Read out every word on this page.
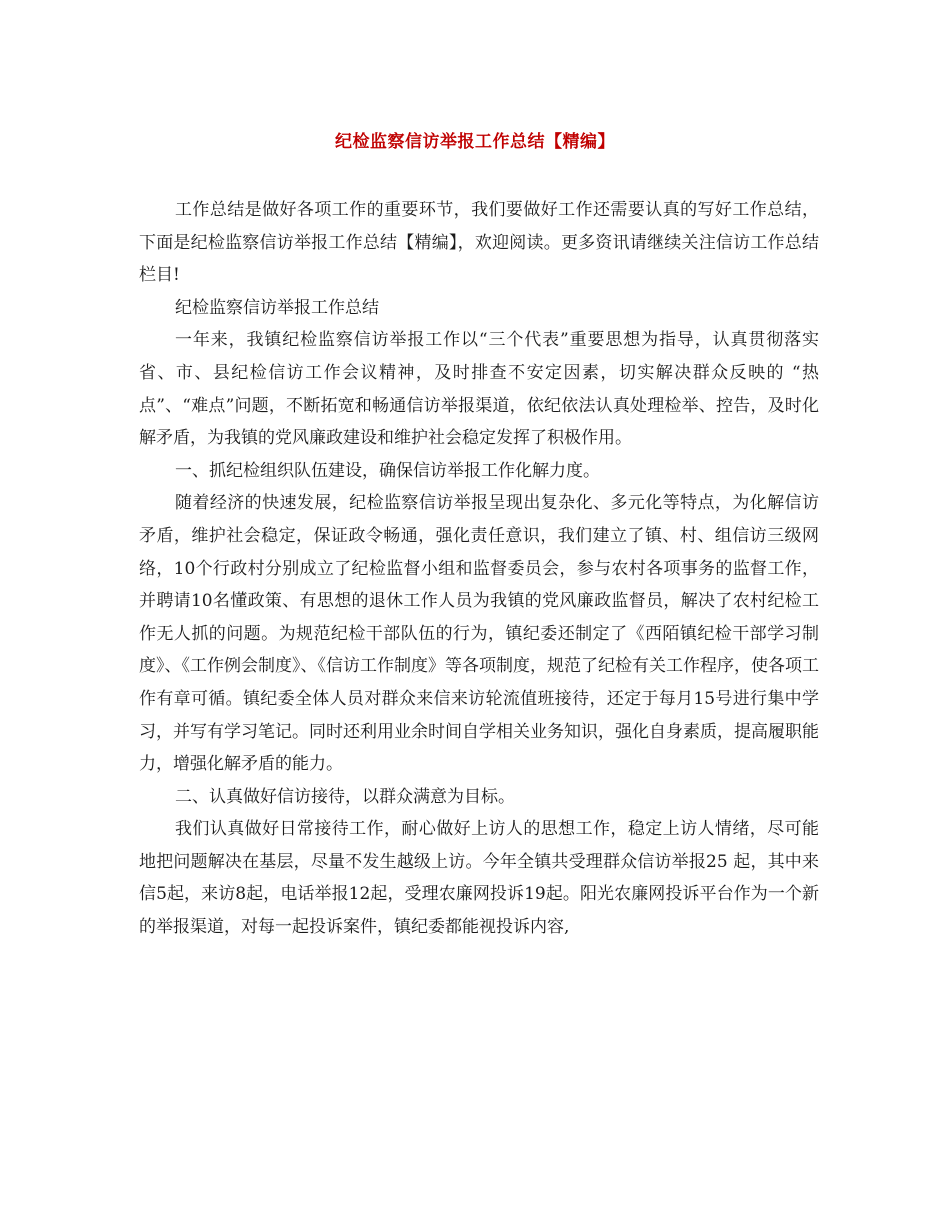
纪检监察信访举报工作总结【精编】

工作总结是做好各项工作的重要环节，我们要做好工作还需要认真的写好工作总结，下面是纪检监察信访举报工作总结【精编】，欢迎阅读。更多资讯请继续关注信访工作总结栏目!

纪检监察信访举报工作总结

一年来，我镇纪检监察信访举报工作以“三个代表”重要思想为指导，认真贯彻落实省、市、县纪检信访工作会议精神，及时排查不安定因素，切实解决群众反映的 “热点”、“难点”问题，不断拓宽和畅通信访举报渠道，依纪依法认真处理检举、控告，及时化解矛盾，为我镇的党风廉政建设和维护社会稳定发挥了积极作用。

一、抓纪检组织队伍建设，确保信访举报工作化解力度。

随着经济的快速发展，纪检监察信访举报呈现出复杂化、多元化等特点，为化解信访矛盾，维护社会稳定，保证政令畅通，强化责任意识，我们建立了镇、村、组信访三级网络，10个行政村分别成立了纪检监督小组和监督委员会，参与农村各项事务的监督工作，并聘请10名懂政策、有思想的退休工作人员为我镇的党风廉政监督员，解决了农村纪检工作无人抓的问题。为规范纪检干部队伍的行为，镇纪委还制定了《西陌镇纪检干部学习制度》、《工作例会制度》、《信访工作制度》等各项制度，规范了纪检有关工作程序，使各项工作有章可循。镇纪委全体人员对群众来信来访轮流值班接待，还定于每月15号进行集中学习，并写有学习笔记。同时还利用业余时间自学相关业务知识，强化自身素质，提高履职能力，增强化解矛盾的能力。

二、认真做好信访接待，以群众满意为目标。

我们认真做好日常接待工作，耐心做好上访人的思想工作，稳定上访人情绪，尽可能地把问题解决在基层，尽量不发生越级上访。今年全镇共受理群众信访举报25 起，其中来信5起，来访8起，电话举报12起，受理农廉网投诉19起。阳光农廉网投诉平台作为一个新的举报渠道，对每一起投诉案件，镇纪委都能视投诉内容,
